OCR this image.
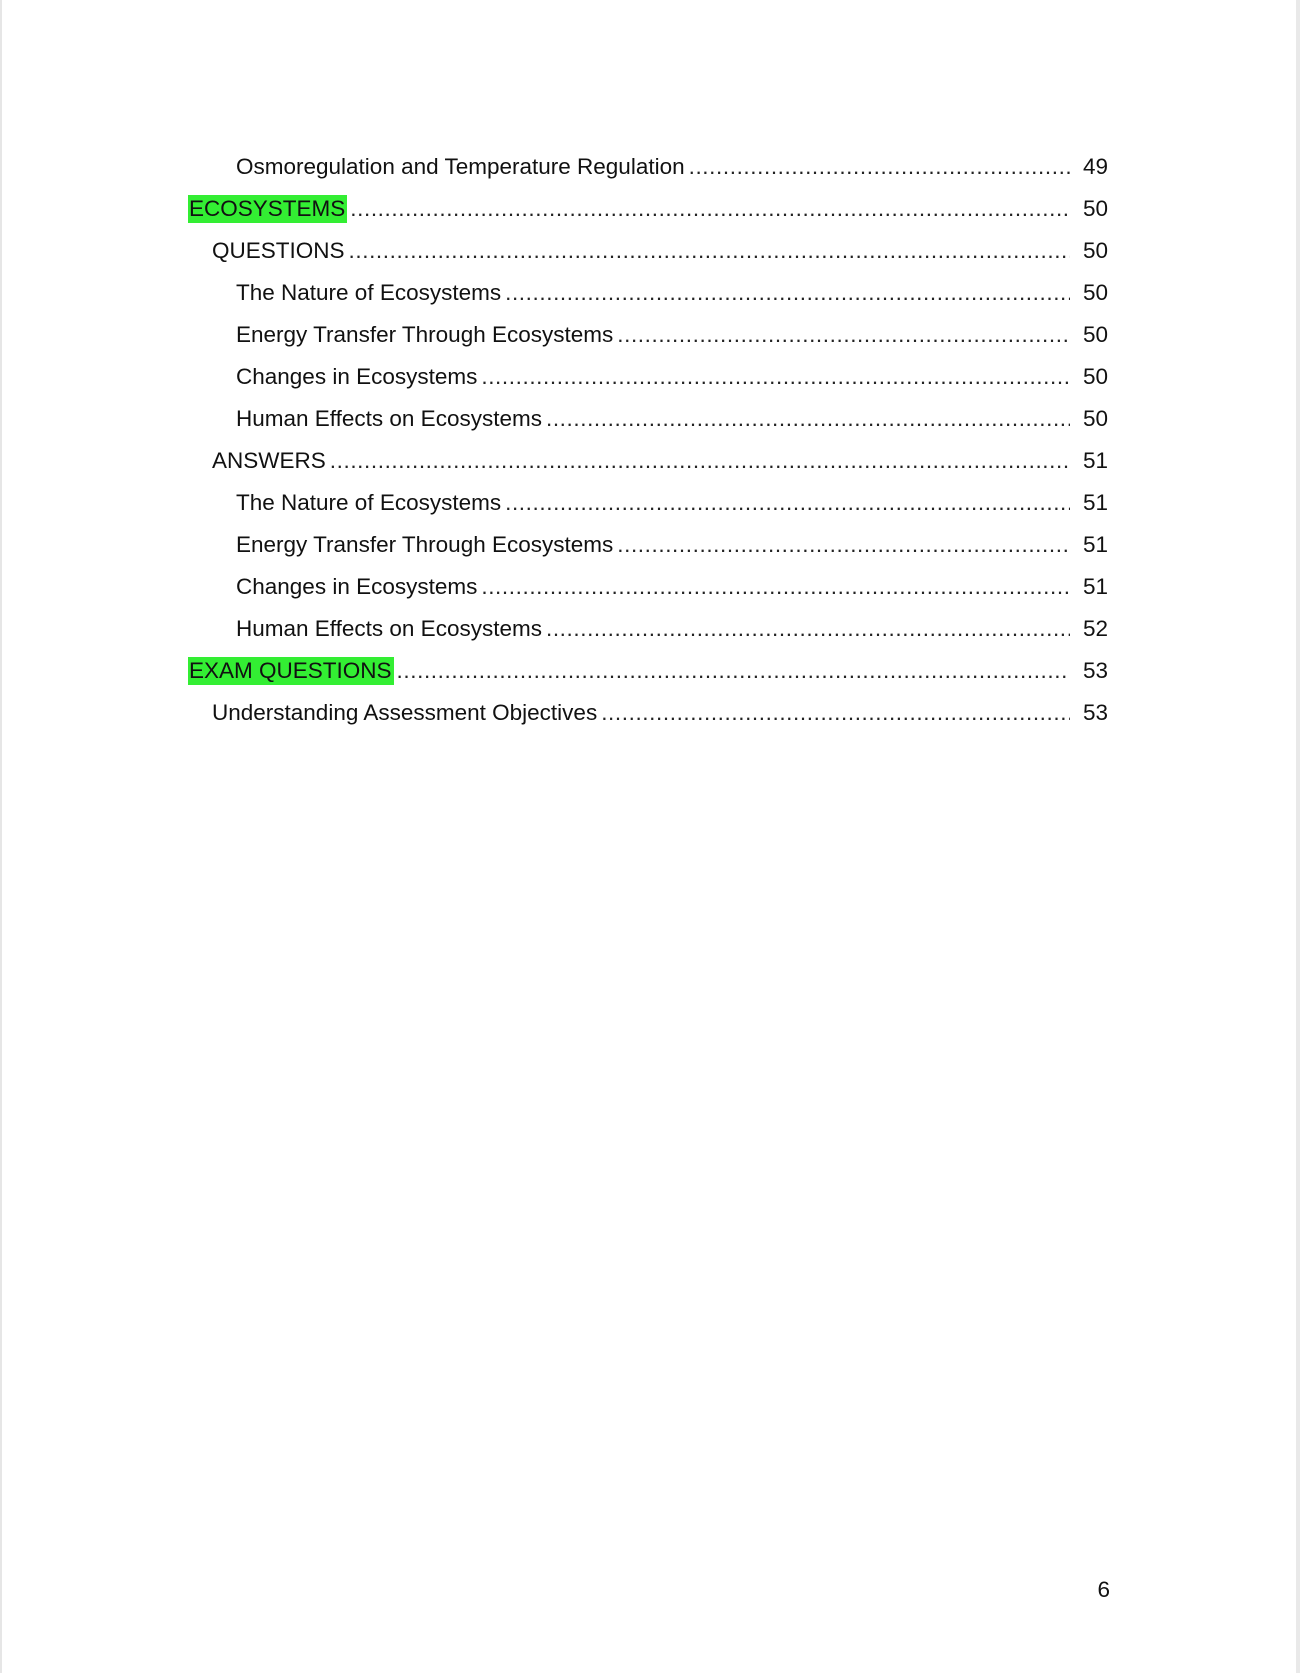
Osmoregulation and Temperature Regulation .....	49
ECOSYSTEMS .....	50
QUESTIONS .....	50
The Nature of Ecosystems .....	50
Energy Transfer Through Ecosystems .....	50
Changes in Ecosystems .....	50
Human Effects on Ecosystems .....	50
ANSWERS .....	51
The Nature of Ecosystems .....	51
Energy Transfer Through Ecosystems .....	51
Changes in Ecosystems .....	51
Human Effects on Ecosystems .....	52
EXAM QUESTIONS .....	53
Understanding Assessment Objectives .....	53
6
